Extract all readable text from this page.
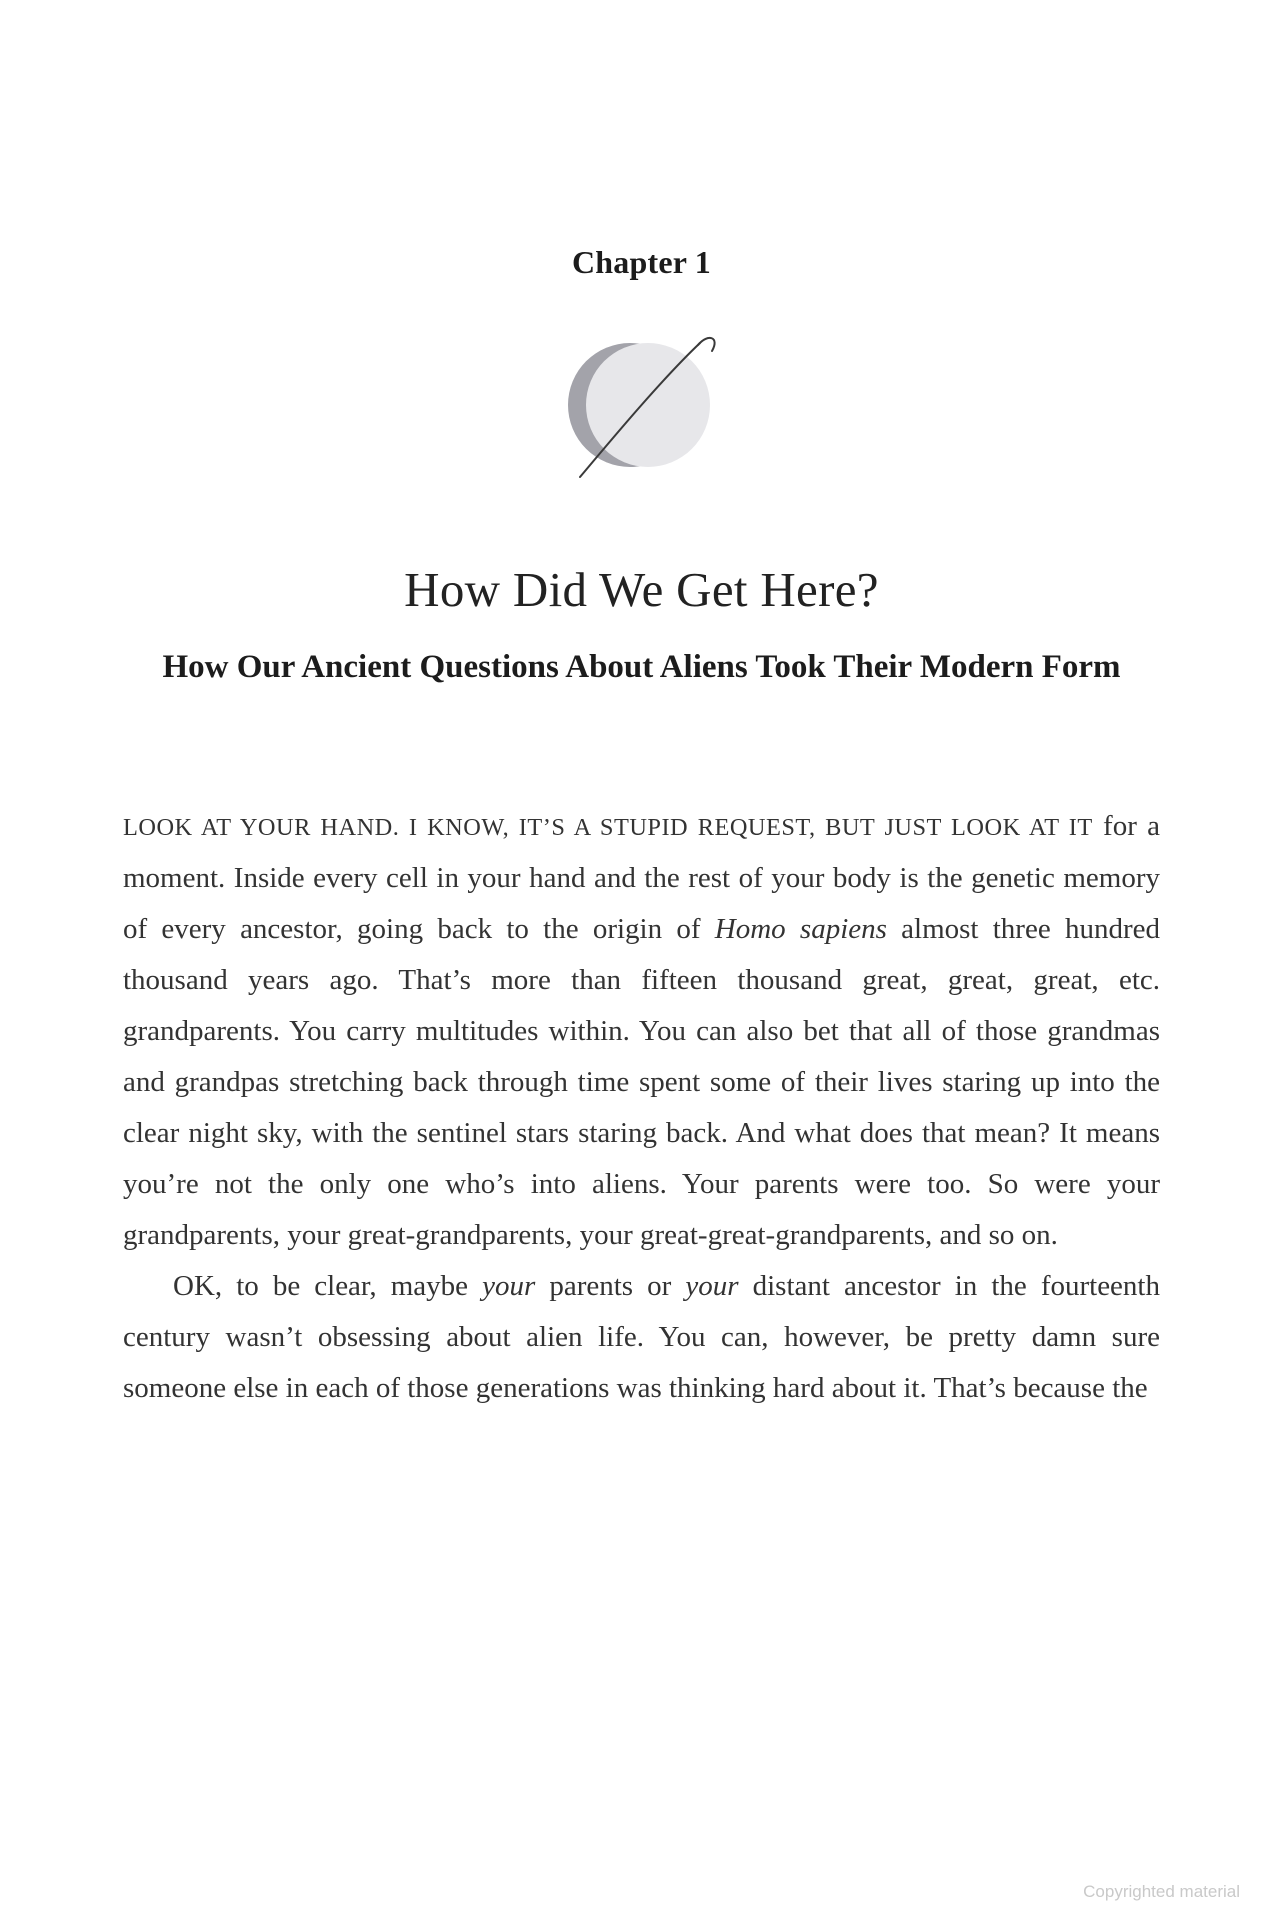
Chapter 1
How Did We Get Here?
How Our Ancient Questions About Aliens Took Their Modern Form

LOOK AT YOUR HAND. I KNOW, IT’S A STUPID REQUEST, BUT JUST LOOK AT IT for a moment. Inside every cell in your hand and the rest of your body is the genetic memory of every ancestor, going back to the origin of Homo sapiens almost three hundred thousand years ago. That’s more than fifteen thousand great, great, great, etc. grandparents. You carry multitudes within. You can also bet that all of those grandmas and grandpas stretching back through time spent some of their lives staring up into the clear night sky, with the sentinel stars staring back. And what does that mean? It means you’re not the only one who’s into aliens. Your parents were too. So were your grandparents, your great-grandparents, your great-great-grandparents, and so on.

OK, to be clear, maybe your parents or your distant ancestor in the fourteenth century wasn’t obsessing about alien life. You can, however, be pretty damn sure someone else in each of those generations was thinking hard about it. That’s because the

Copyrighted material
